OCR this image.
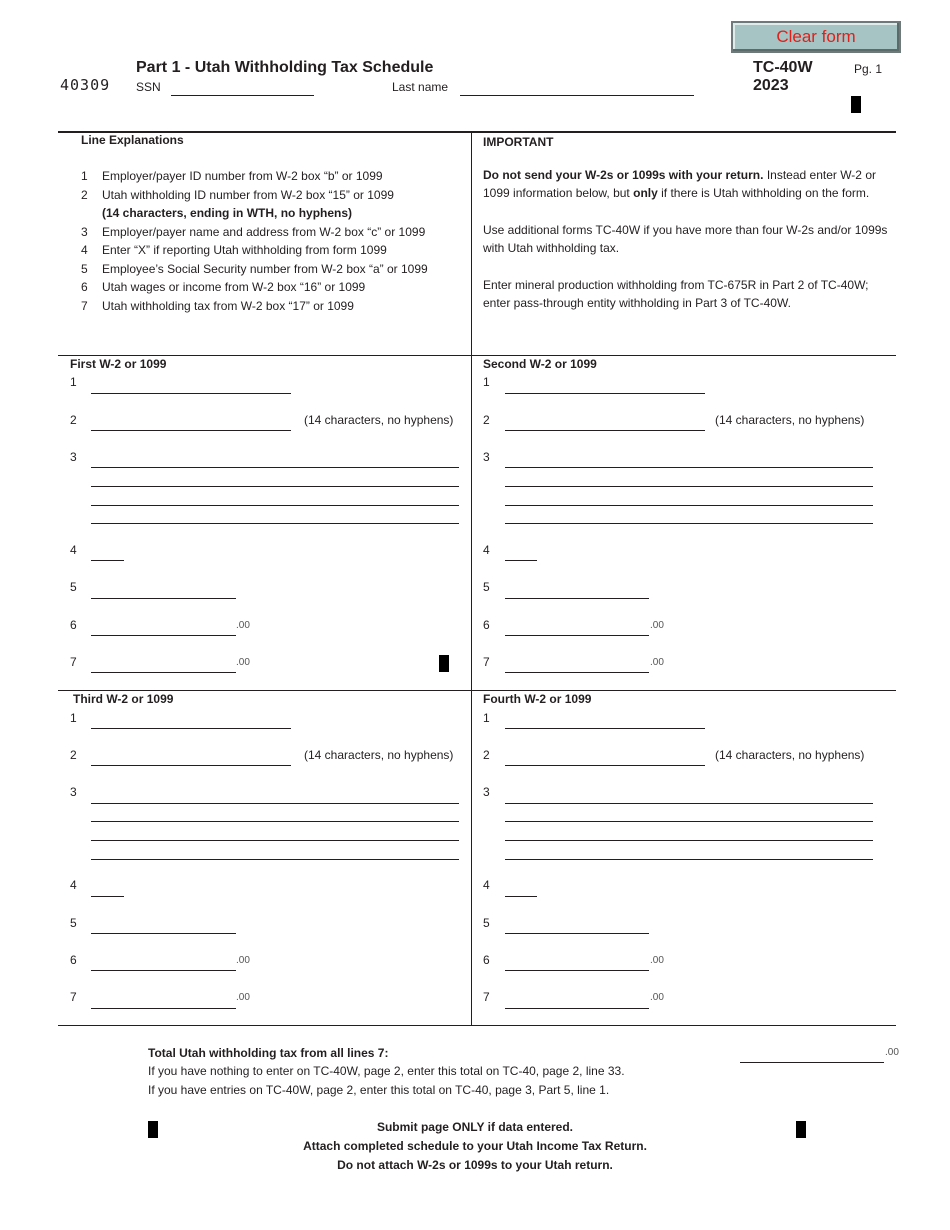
Clear form
40309
Part 1 - Utah Withholding Tax Schedule
SSN	Last name
TC-40W
2023
Pg. 1
Line Explanations
1	Employer/payer ID number from W-2 box “b” or 1099
2	Utah withholding ID number from W-2 box “15” or 1099
(14 characters, ending in WTH, no hyphens)
3	Employer/payer name and address from W-2 box “c” or 1099
4	Enter “X” if reporting Utah withholding from form 1099
5	Employee’s Social Security number from W-2 box “a” or 1099
6	Utah wages or income from W-2 box “16” or 1099
7	Utah withholding tax from W-2 box “17” or 1099
IMPORTANT

Do not send your W-2s or 1099s with your return. Instead enter W-2 or 1099 information below, but only if there is Utah withholding on the form.

Use additional forms TC-40W if you have more than four W-2s and/or 1099s with Utah withholding tax.

Enter mineral production withholding from TC-675R in Part 2 of TC-40W; enter pass-through entity withholding in Part 3 of TC-40W.

First W-2 or 1099
1
2	(14 characters, no hyphens)
3
4
5
6	.00
7	.00
Second W-2 or 1099
1
2	(14 characters, no hyphens)
3
4
5
6	.00
7	.00
Third W-2 or 1099
1
2	(14 characters, no hyphens)
3
4
5
6	.00
7	.00
Fourth W-2 or 1099
1
2	(14 characters, no hyphens)
3
4
5
6	.00
7	.00
Total Utah withholding tax from all lines 7:
If you have nothing to enter on TC-40W, page 2, enter this total on TC-40, page 2, line 33.
If you have entries on TC-40W, page 2, enter this total on TC-40, page 3, Part 5, line 1.
.00
Submit page ONLY if data entered.
Attach completed schedule to your Utah Income Tax Return.
Do not attach W-2s or 1099s to your Utah return.
